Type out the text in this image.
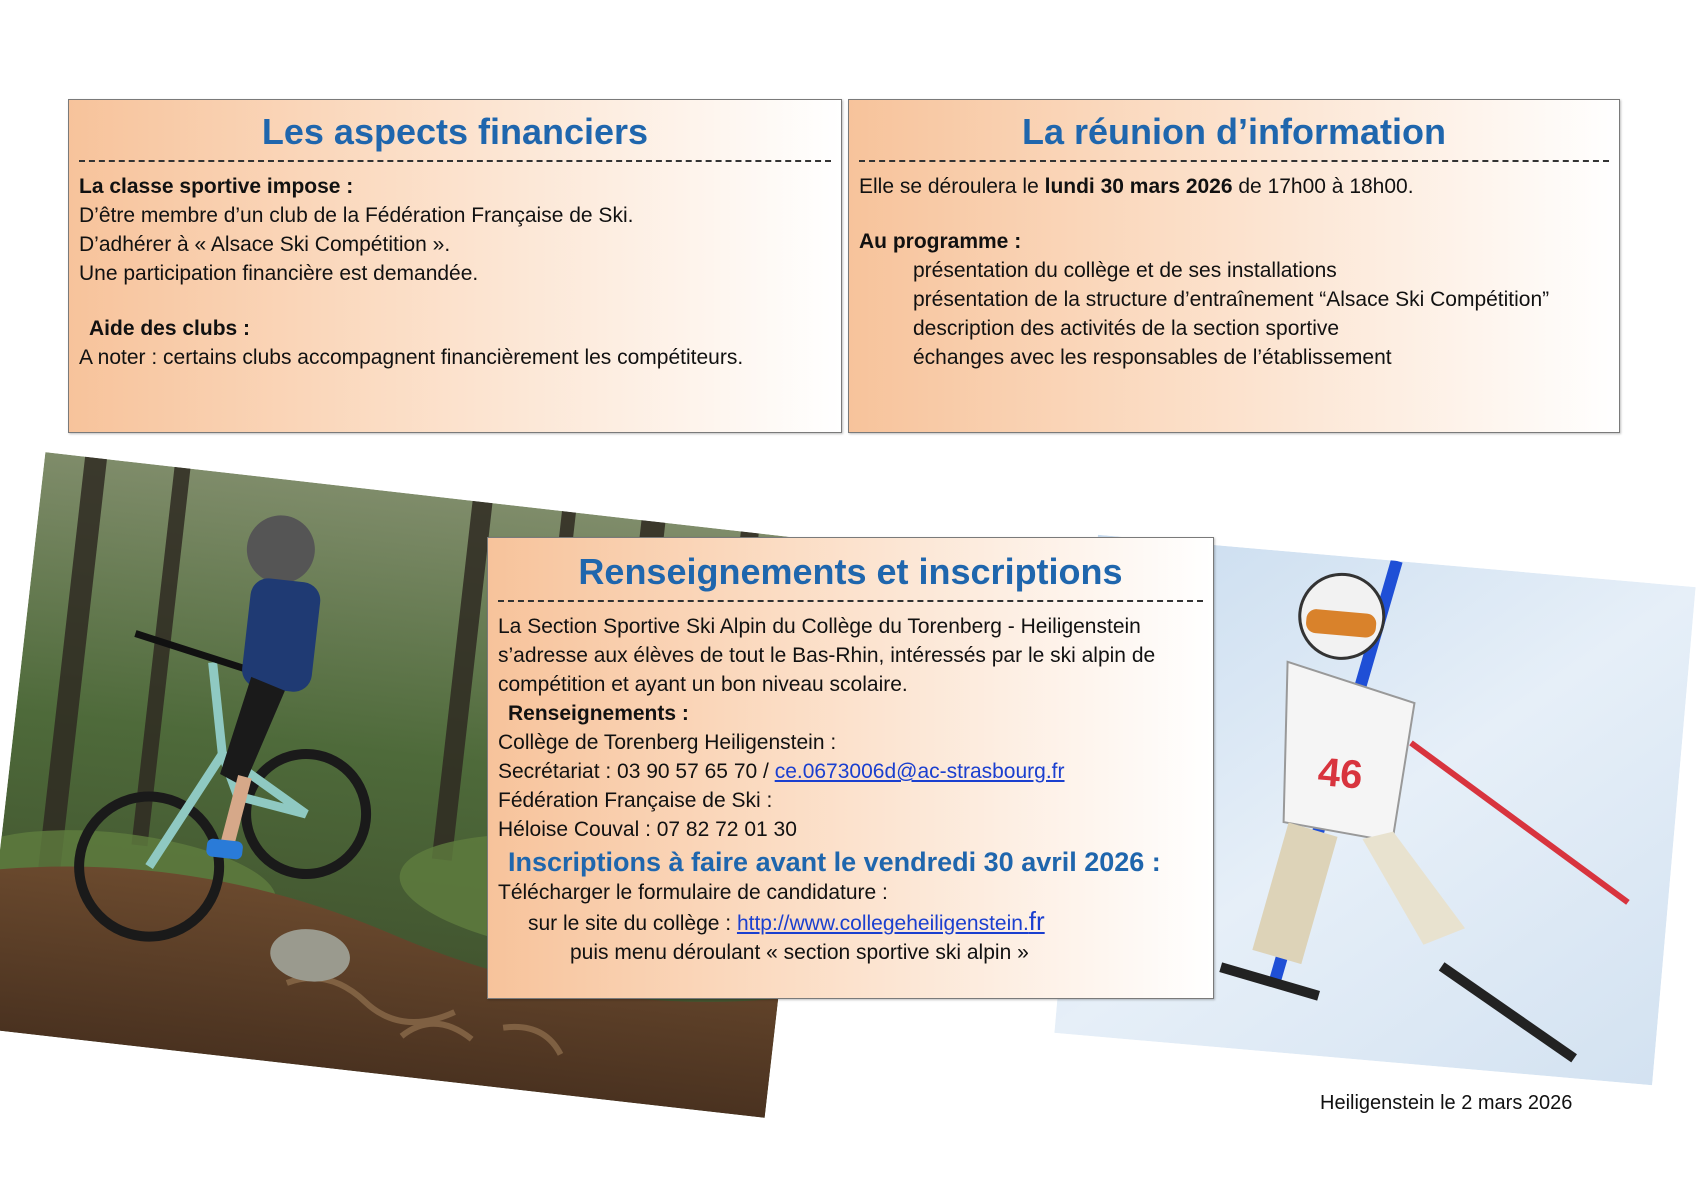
46
Les aspects financiers
La classe sportive impose :
D’être membre d’un club de la Fédération Française de Ski.
D’adhérer à « Alsace Ski Compétition ».
Une participation financière est demandée.
Aide des clubs :
A noter : certains clubs accompagnent financièrement les compétiteurs.
La réunion d’information
Elle se déroulera le lundi 30 mars 2026 de 17h00 à 18h00.
Au programme :
présentation du collège et de ses installations
présentation de la structure d’entraînement “Alsace Ski Compétition”
description des activités de la section sportive
échanges avec les responsables de l’établissement
Renseignements et inscriptions
La Section Sportive Ski Alpin du Collège du Torenberg - Heiligenstein
s’adresse aux élèves de tout le Bas-Rhin, intéressés par le ski alpin de
compétition et ayant un bon niveau scolaire.
Renseignements :
Collège de Torenberg Heiligenstein :
Secrétariat : 03 90 57 65 70 / ce.0673006d@ac-strasbourg.fr
Fédération Française de Ski :
Héloise Couval : 07 82 72 01 30
Inscriptions à faire avant le vendredi 30 avril 2026 :
Télécharger le formulaire de candidature :
sur le site du collège : http://www.collegeheiligenstein.fr
puis menu déroulant « section sportive ski alpin »
Heiligenstein le 2 mars 2026
